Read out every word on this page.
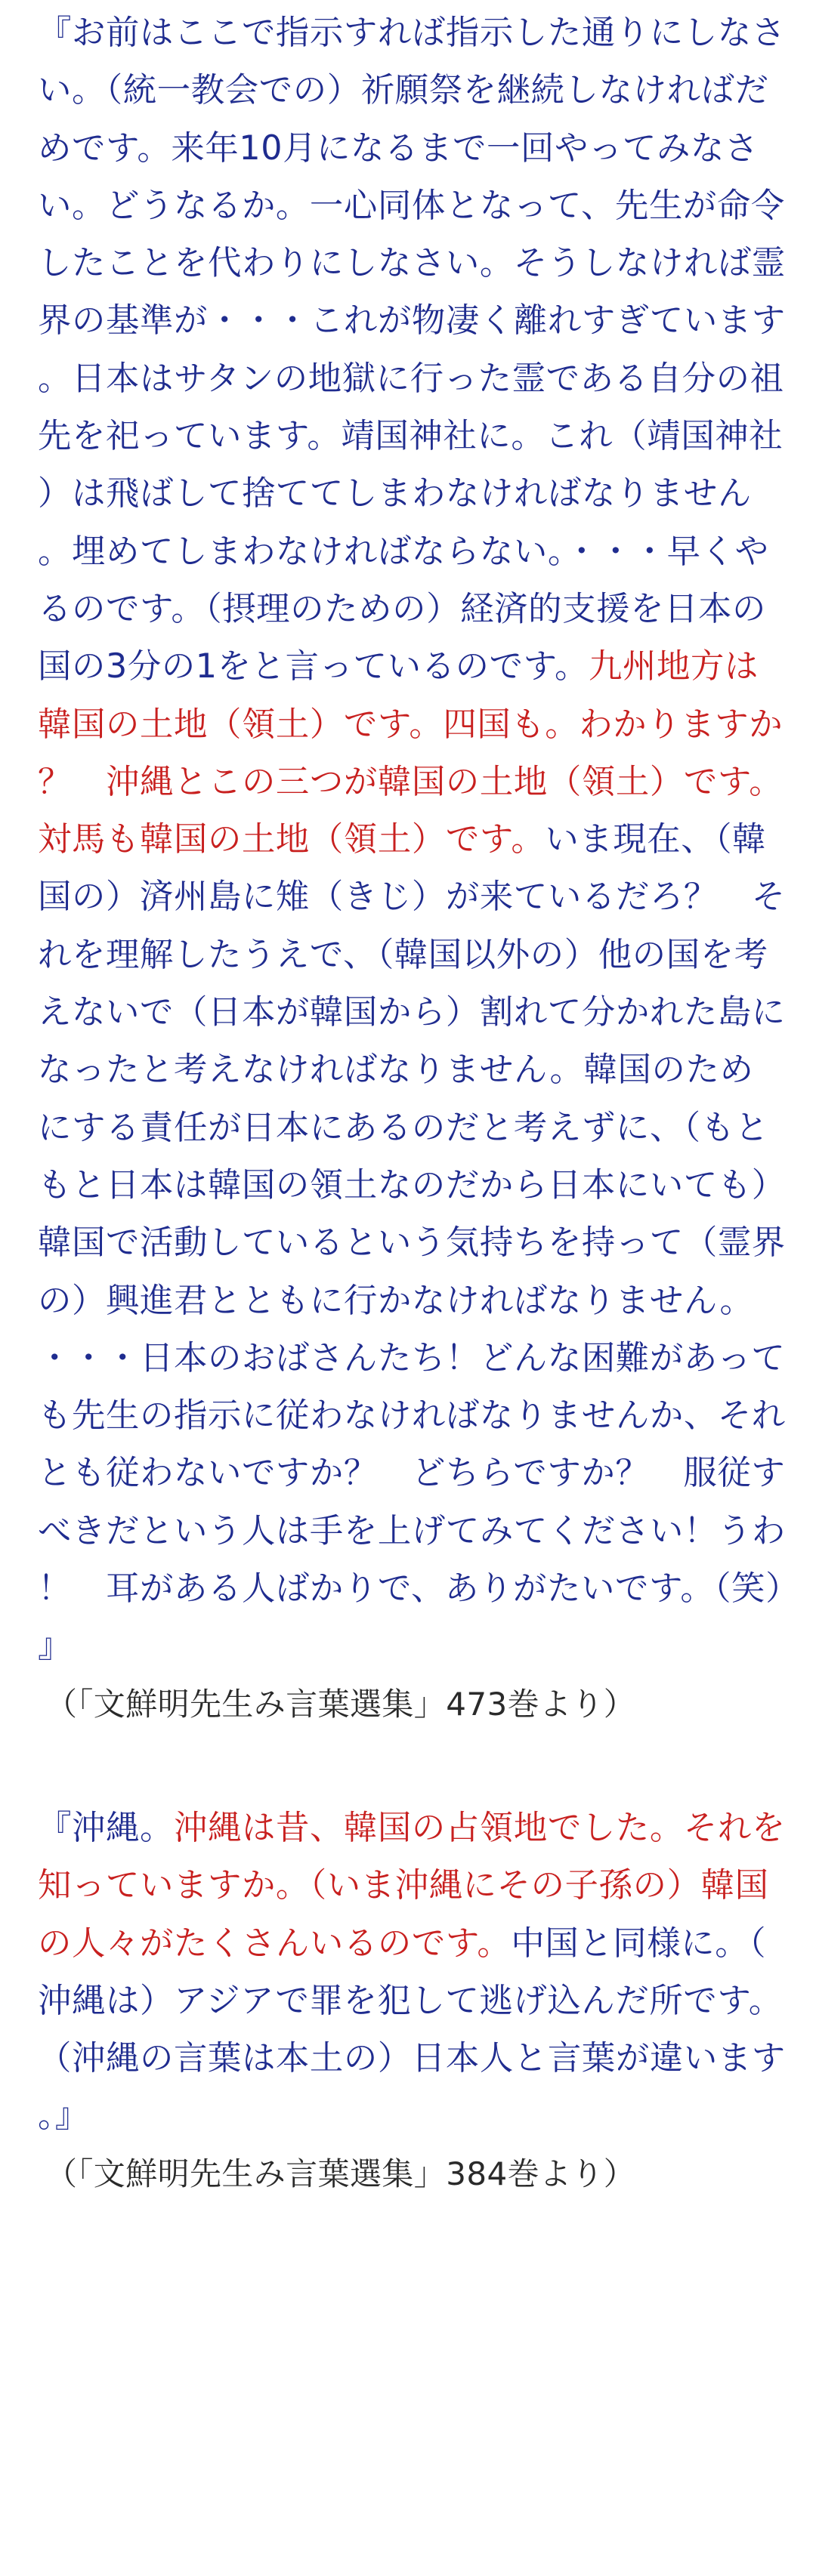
『お前はここで指示すれば指示した通りにしなさい。（統一教会での）祈願祭を継続しなければだめです。来年10月になるまで一回やってみなさい。どうなるか。一心同体となって、先生が命令したことを代わりにしなさい。そうしなければ霊界の基準が・・・これが物凄く離れすぎています。日本はサタンの地獄に行った霊である自分の祖先を祀っています。靖国神社に。これ（靖国神社）は飛ばして捨ててしまわなければなりません。埋めてしまわなければならない。・・・早くやるのです。（摂理のための）経済的支援を日本の国の3分の1をと言っているのです。九州地方は韓国の土地（領土）です。四国も。わかりますか？　沖縄とこの三つが韓国の土地（領土）です。対馬も韓国の土地（領土）です。いま現在、（韓国の）済州島に雉（きじ）が来ているだろ？　それを理解したうえで、（韓国以外の）他の国を考えないで（日本が韓国から）割れて分かれた島になったと考えなければなりません。韓国のためにする責任が日本にあるのだと考えずに、（もともと日本は韓国の領土なのだから日本にいても）韓国で活動しているという気持ちを持って（霊界の）興進君とともに行かなければなりません。

・・・日本のおばさんたち！どんな困難があっても先生の指示に従わなければなりませんか、それとも従わないですか？　どちらですか？　服従すべきだという人は手を上げてみてください！うわ！　耳がある人ばかりで、ありがたいです。（笑）』

（「文鮮明先生み言葉選集」473巻より）

『沖縄。沖縄は昔、韓国の占領地でした。それを知っていますか。（いま沖縄にその子孫の）韓国の人々がたくさんいるのです。中国と同様に。（沖縄は）アジアで罪を犯して逃げ込んだ所です。（沖縄の言葉は本土の）日本人と言葉が違います。』

（「文鮮明先生み言葉選集」384巻より）
